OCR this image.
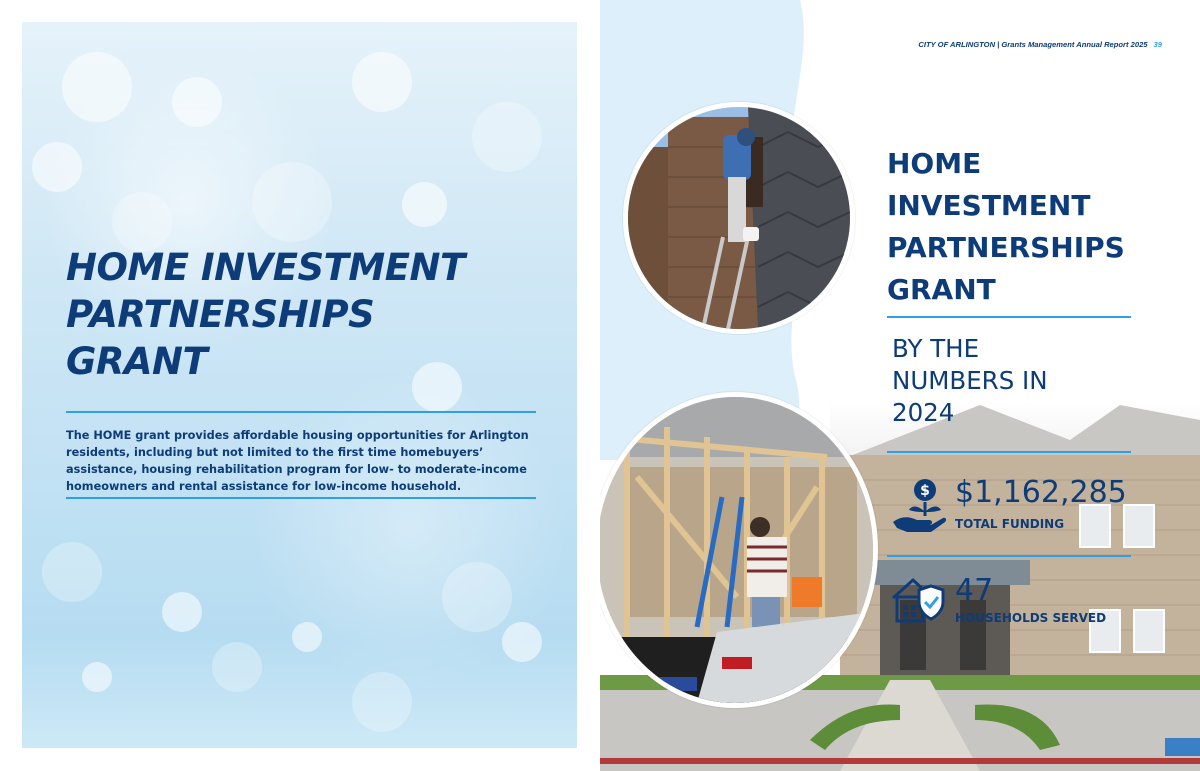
HOME INVESTMENT
PARTNERSHIPS
GRANT

The HOME grant provides affordable housing opportunities for Arlington residents, including but not limited to the first time homebuyers’ assistance, housing rehabilitation program for low- to moderate-income homeowners and rental assistance for low-income household.

CITY OF ARLINGTON | Grants Management Annual Report 2025 39
HOME
INVESTMENT
PARTNERSHIPS
GRANT
BY THE
NUMBERS IN
2024
$ $1,162,285
TOTAL FUNDING
47
HOUSEHOLDS SERVED
